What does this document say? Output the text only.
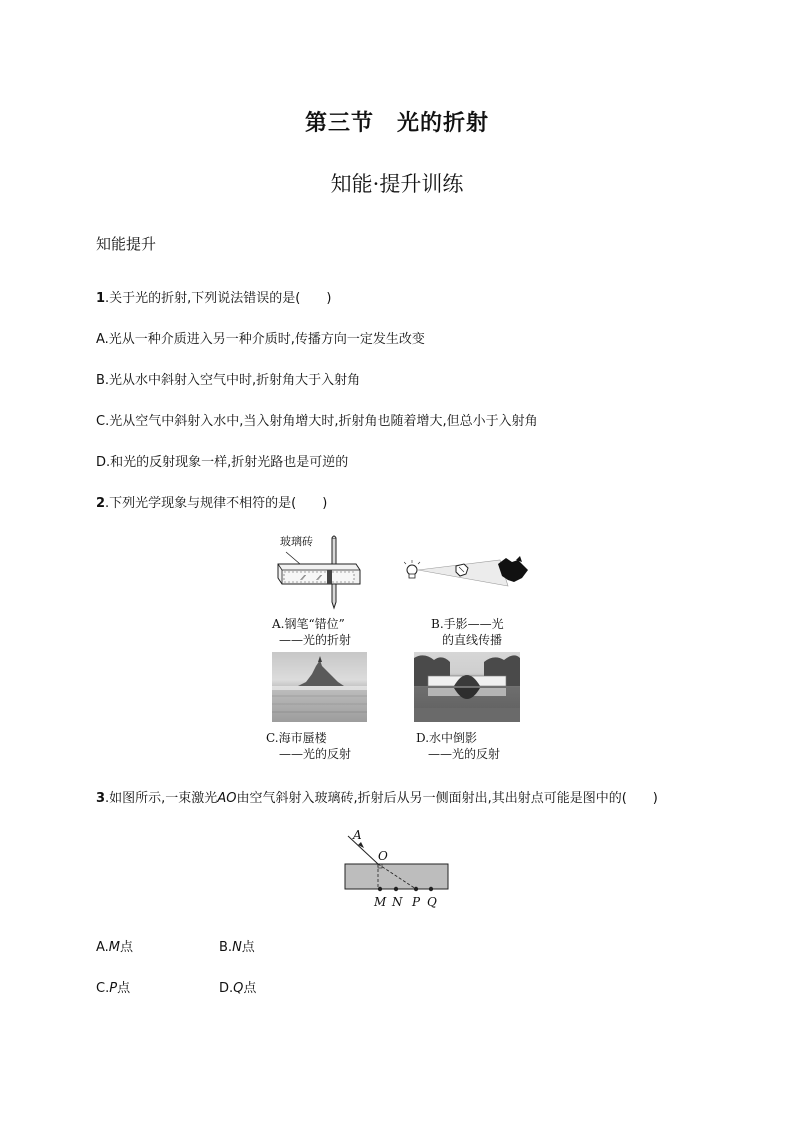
第三节　光的折射
知能·提升训练
知能提升
1.关于光的折射,下列说法错误的是(　　)
A.光从一种介质进入另一种介质时,传播方向一定发生改变
B.光从水中斜射入空气中时,折射角大于入射角
C.光从空气中斜射入水中,当入射角增大时,折射角也随着增大,但总小于入射角
D.和光的反射现象一样,折射光路也是可逆的
2.下列光学现象与规律不相符的是(　　)
玻璃砖
⁄⁄ ⁄⁄
A.钢笔“错位”
——光的折射
B.手影——光
的直线传播
C.海市蜃楼
——光的反射
D.水中倒影
——光的反射
3.如图所示,一束激光AO由空气斜射入玻璃砖,折射后从另一侧面射出,其出射点可能是图中的(　　)
A
O
M N P Q
A.M点	B.N点
C.P点	D.Q点
